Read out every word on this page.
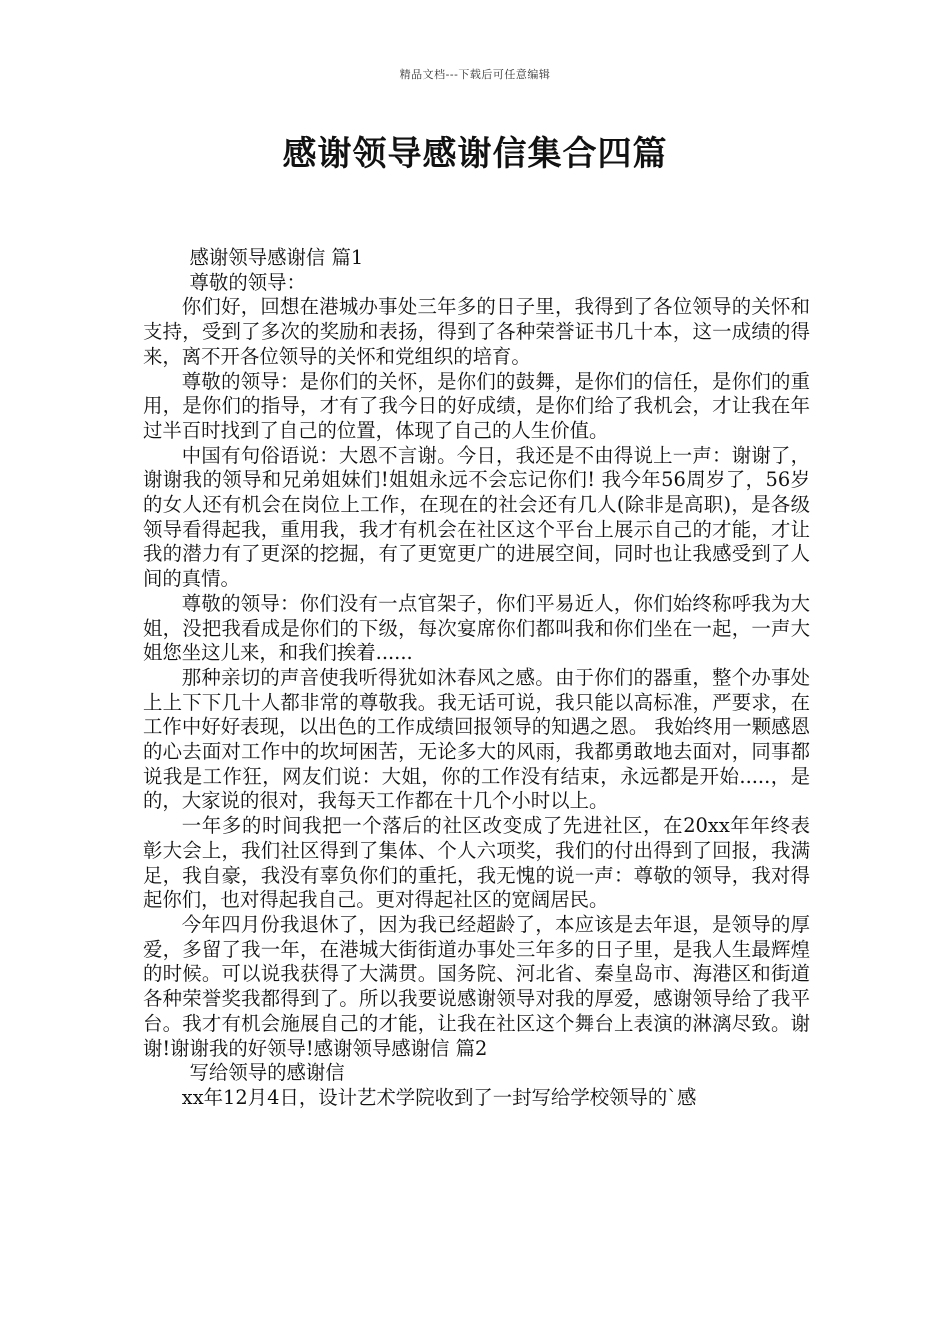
精品文档---下载后可任意编辑
感谢领导感谢信集合四篇

感谢领导感谢信 篇1

尊敬的领导：

你们好，回想在港城办事处三年多的日子里，我得到了各位领导的关怀和支持，受到了多次的奖励和表扬，得到了各种荣誉证书几十本，这一成绩的得来，离不开各位领导的关怀和党组织的培育。

尊敬的领导：是你们的关怀，是你们的鼓舞，是你们的信任，是你们的重用，是你们的指导，才有了我今日的好成绩，是你们给了我机会，才让我在年过半百时找到了自己的位置，体现了自己的人生价值。

中国有句俗语说：大恩不言谢。今日，我还是不由得说上一声：谢谢了，谢谢我的领导和兄弟姐妹们!姐姐永远不会忘记你们! 我今年56周岁了，56岁的女人还有机会在岗位上工作，在现在的社会还有几人(除非是高职)，是各级领导看得起我，重用我，我才有机会在社区这个平台上展示自己的才能，才让我的潜力有了更深的挖掘，有了更宽更广的进展空间，同时也让我感受到了人间的真情。

尊敬的领导：你们没有一点官架子，你们平易近人，你们始终称呼我为大姐，没把我看成是你们的下级，每次宴席你们都叫我和你们坐在一起，一声大姐您坐这儿来，和我们挨着......

那种亲切的声音使我听得犹如沐春风之感。由于你们的器重，整个办事处上上下下几十人都非常的尊敬我。我无话可说，我只能以高标准，严要求，在工作中好好表现，以出色的工作成绩回报领导的知遇之恩。 我始终用一颗感恩的心去面对工作中的坎坷困苦，无论多大的风雨，我都勇敢地去面对，同事都说我是工作狂，网友们说：大姐，你的工作没有结束，永远都是开始.....，是的，大家说的很对，我每天工作都在十几个小时以上。

一年多的时间我把一个落后的社区改变成了先进社区，在20xx年年终表彰大会上，我们社区得到了集体、个人六项奖，我们的付出得到了回报，我满足，我自豪，我没有辜负你们的重托，我无愧的说一声：尊敬的领导，我对得起你们，也对得起我自己。更对得起社区的宽阔居民。

今年四月份我退休了，因为我已经超龄了，本应该是去年退，是领导的厚爱，多留了我一年，在港城大街街道办事处三年多的日子里，是我人生最辉煌的时候。可以说我获得了大满贯。国务院、河北省、秦皇岛市、海港区和街道各种荣誉奖我都得到了。所以我要说感谢领导对我的厚爱，感谢领导给了我平台。我才有机会施展自己的才能，让我在社区这个舞台上表演的淋漓尽致。谢谢!谢谢我的好领导!感谢领导感谢信 篇2

写给领导的感谢信

xx年12月4日，设计艺术学院收到了一封写给学校领导的`感
